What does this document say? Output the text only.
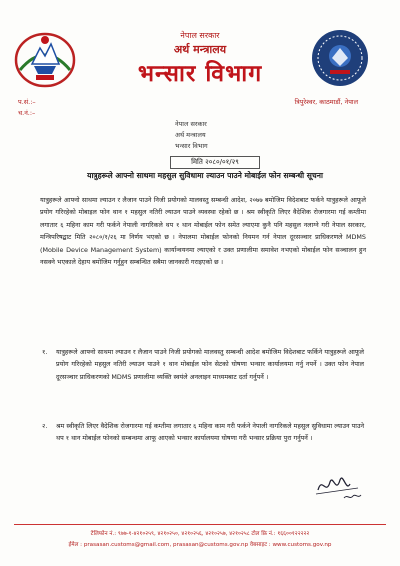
नेपाल सरकार
अर्थ मन्त्रालय
भन्सार विभाग
प.सं.:–
च.नं.:–
त्रिपुरेश्वर, काठमाडौं, नेपाल
नेपाल सरकार
अर्थ मन्त्रालय
भन्सार विभाग
मिति २०८०/०१/२९
यात्रुहरूले आफ्नो साथमा महसुल सुविधामा ल्याउन पाउने मोबाईल फोन सम्बन्धी सूचना
यात्रुहरूले आफ्नो साथमा ल्याउन र लैजान पाउने निजी प्रयोगको मालवस्तु सम्बन्धी आदेश, २०७७ बमोजिम विदेशबाट फर्कने यात्रुहरूले आफूले प्रयोग गरिरहेको मोबाइल फोन थान १ महसुल नतिरी ल्याउन पाउने व्यवस्था रहेको छ । श्रम स्वीकृति लिएर वैदेशिक रोजगारमा गई कम्तीमा लगातार ६ महिना काम गरी फर्कने नेपाली नागरिकले थप १ थान मोबाईल फोन समेत ल्याएमा कुनै पनि महसुल नलाग्ने गरी नेपाल सरकार, मन्त्रिपरिषद्बाट मिति २०८०/१/२६ मा निर्णय भएको छ । नेपालमा मोबाईल फोनको नियमन गर्न नेपाल दूरसञ्चार प्राधिकरणले MDMS (Mobile Device Management System) कार्यान्वयनमा ल्याएको र उक्त प्रणालीमा समावेश नभएको मोबाईल फोन सञ्चालन हुन नसक्ने भएकाले देहाय बमोजिम गर्नुहुन सम्बन्धित सबैमा जानकारी गराइएको छ ।
१.	यात्रुहरूले आफ्नो साथमा ल्याउन र लैजान पाउने निजी प्रयोगको मालवस्तु सम्बन्धी आदेश बमोजिम विदेशबाट फर्किने यात्रुहरूले आफूले प्रयोग गरिरहेको महसुल नतिरी ल्याउन पाउने १ थान मोबाईल फोन सेटको घोषणा भन्सार कार्यालयमा गर्नु नपर्ने । उक्त फोन नेपाल दूरसञ्चार प्राधिकरणको MDMS प्रणालीमा व्यक्ति स्वयंले अनलाइन माध्यमबाट दर्ता गर्नुपर्ने ।
२.	श्रम स्वीकृति लिएर वैदेशिक रोजगारमा गई कम्तीमा लगातार ६ महिना काम गरी फर्कने नेपाली नागरिकले महसुल सुविधामा ल्याउन पाउने थप १ थान मोबाईल फोनको सम्बन्धमा आफू आएको भन्सार कार्यालयमा घोषणा गरी भन्सार प्रक्रिया पुरा गर्नुपर्ने ।
टेलिफोन नं.: ९७७-१-४२१०२५९, ४२१०२५०, ४२१०२५६, ४२१०२५७, ४२१०२५८ टोल फ्रि नं.: १६६००१२२२२२
ईमेल : prasasan.customs@gmail.com, prasasan@customs.gov.np वेबसाइट : www.customs.gov.np
